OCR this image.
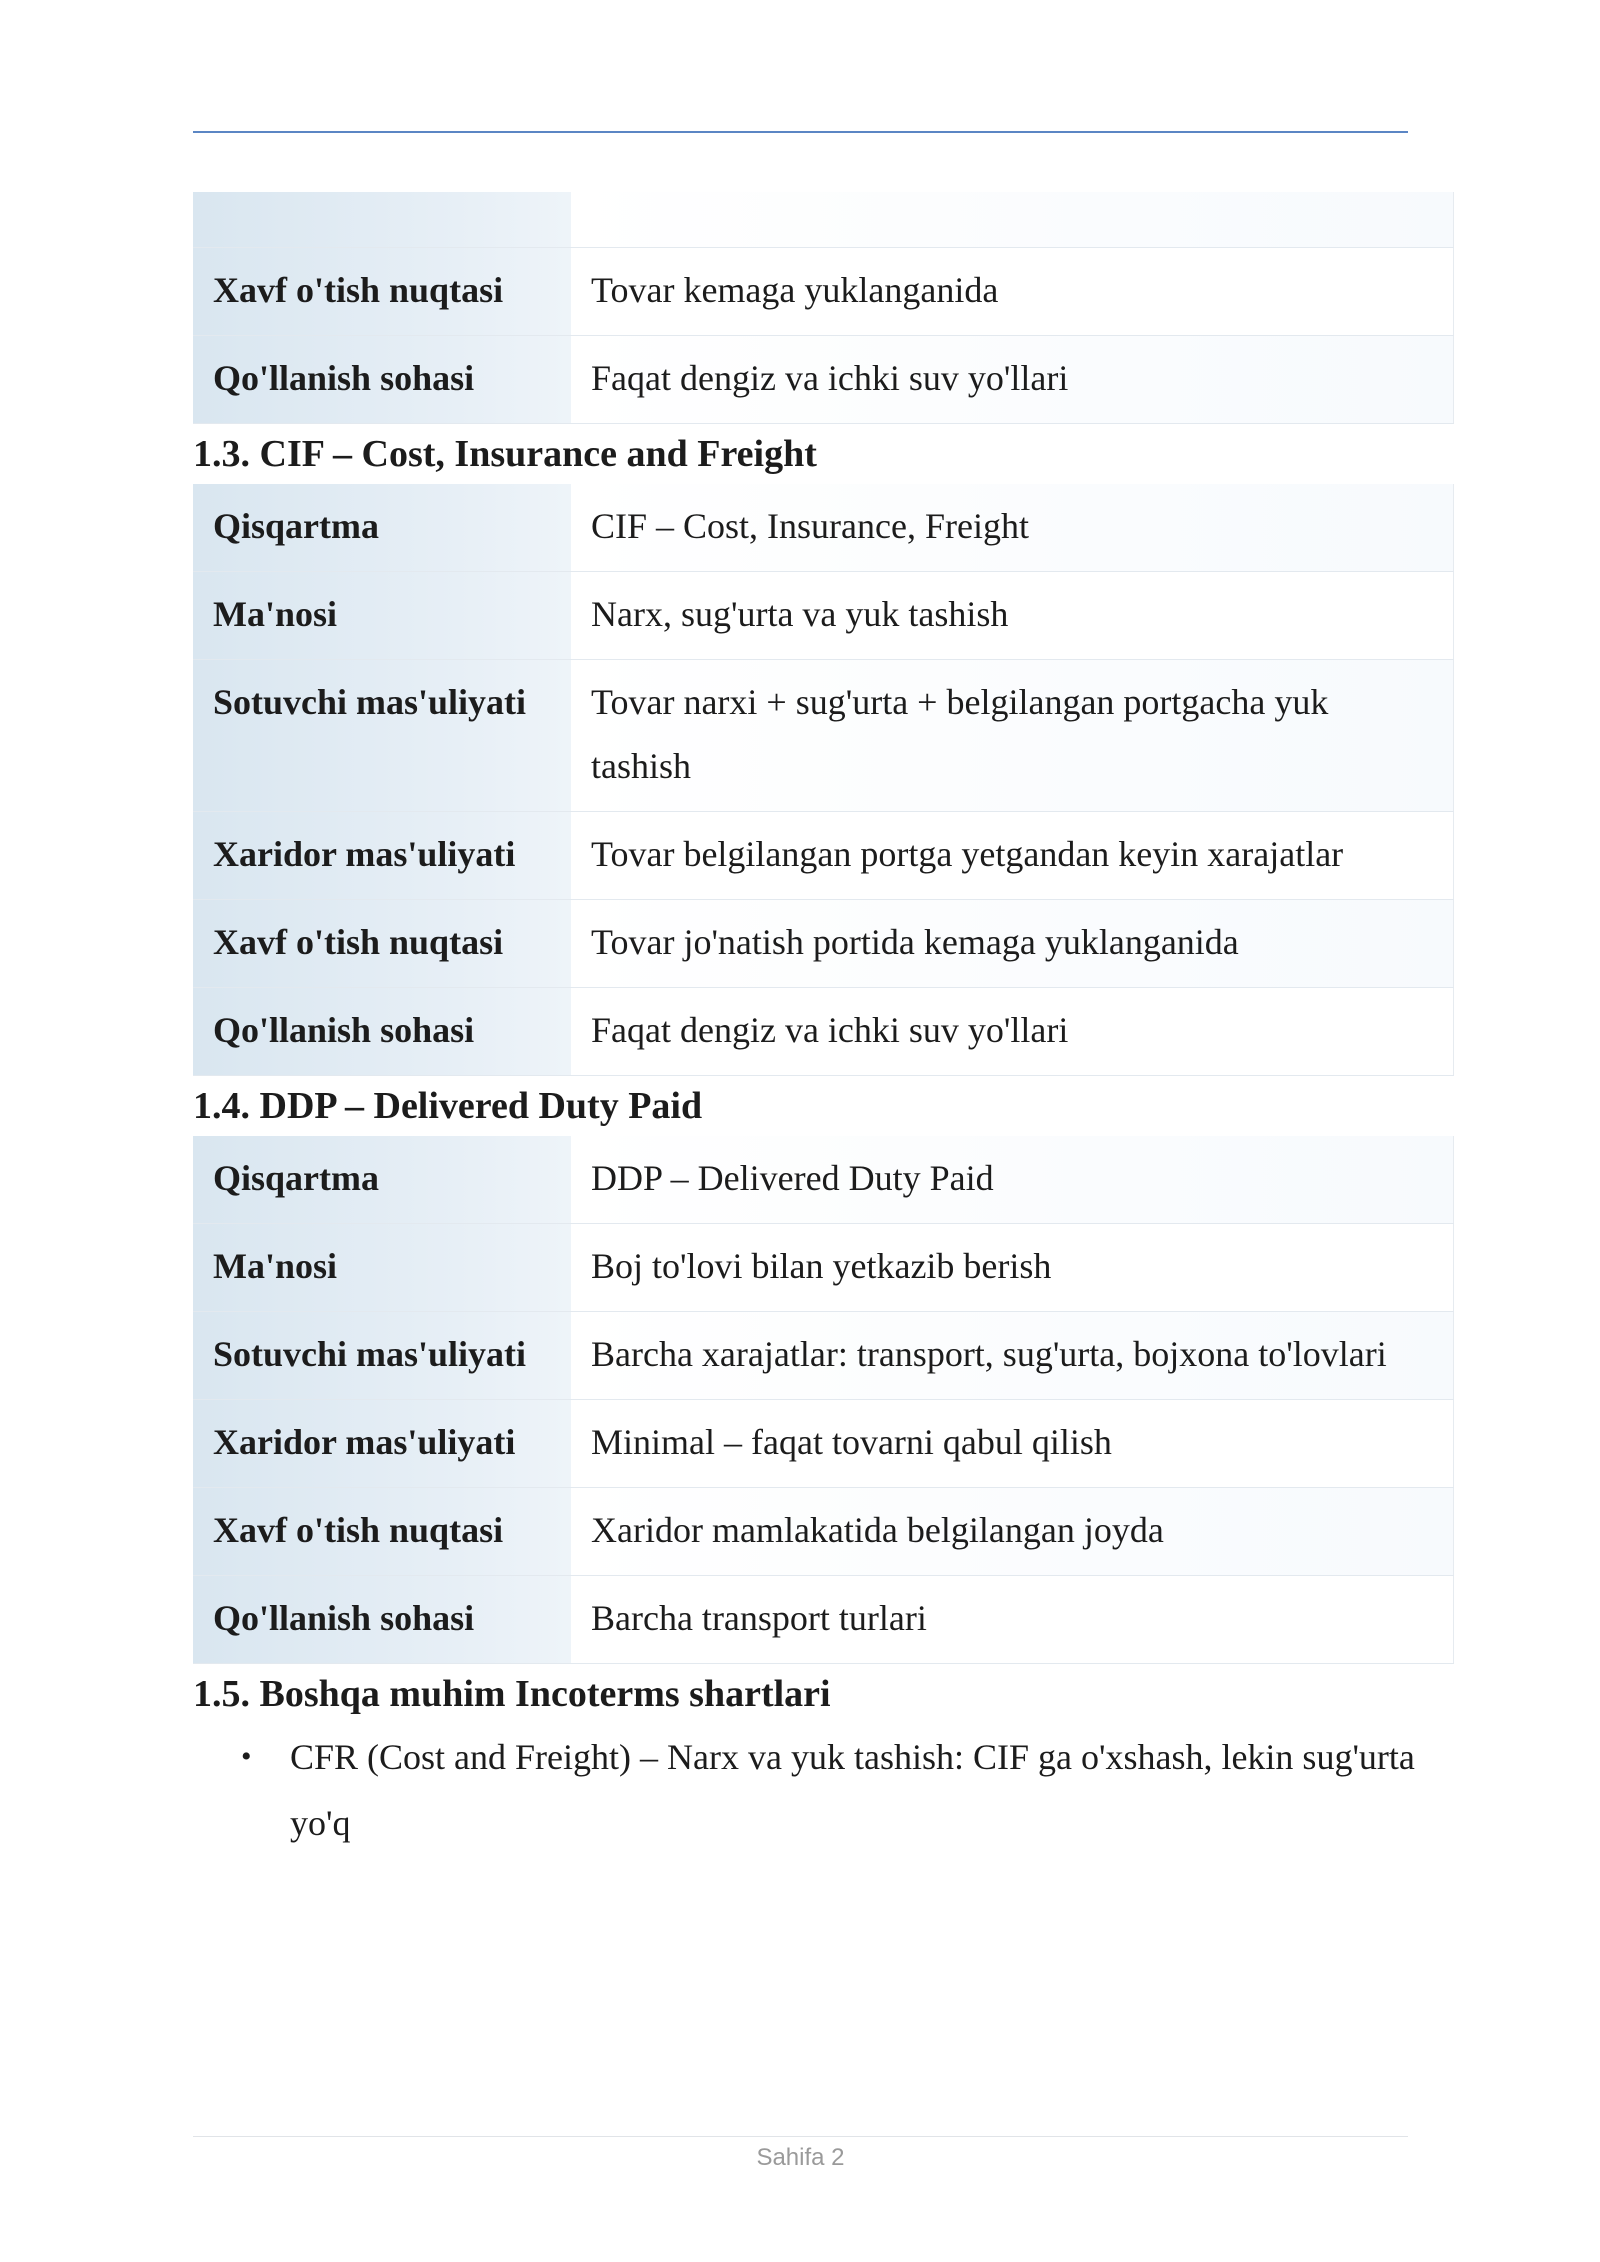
Xavf o'tish nuqtasi	Tovar kemaga yuklanganida
Qo'llanish sohasi	Faqat dengiz va ichki suv yo'llari
1.3. CIF – Cost, Insurance and Freight
Qisqartma	CIF – Cost, Insurance, Freight
Ma'nosi	Narx, sug'urta va yuk tashish
Sotuvchi mas'uliyati	Tovar narxi + sug'urta + belgilangan portgacha yuk tashish
Xaridor mas'uliyati	Tovar belgilangan portga yetgandan keyin xarajatlar
Xavf o'tish nuqtasi	Tovar jo'natish portida kemaga yuklanganida
Qo'llanish sohasi	Faqat dengiz va ichki suv yo'llari
1.4. DDP – Delivered Duty Paid
Qisqartma	DDP – Delivered Duty Paid
Ma'nosi	Boj to'lovi bilan yetkazib berish
Sotuvchi mas'uliyati	Barcha xarajatlar: transport, sug'urta, bojxona to'lovlari
Xaridor mas'uliyati	Minimal – faqat tovarni qabul qilish
Xavf o'tish nuqtasi	Xaridor mamlakatida belgilangan joyda
Qo'llanish sohasi	Barcha transport turlari
1.5. Boshqa muhim Incoterms shartlari
• CFR (Cost and Freight) – Narx va yuk tashish: CIF ga o'xshash, lekin sug'urta yo'q
Sahifa 2
